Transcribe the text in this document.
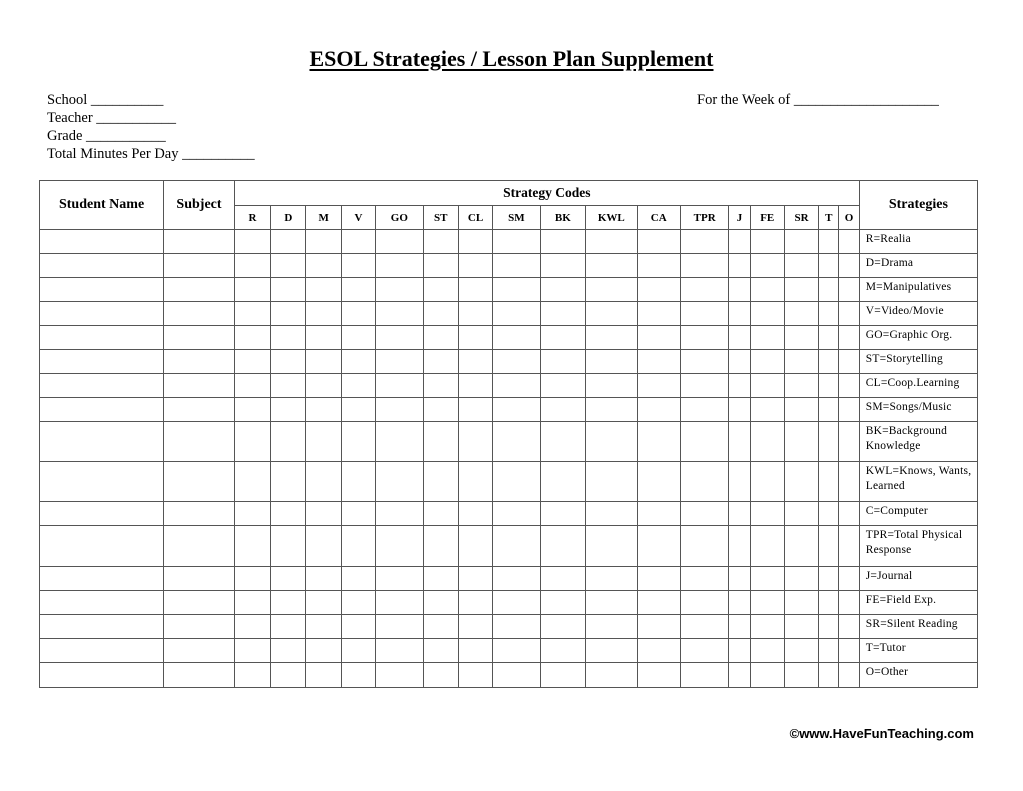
ESOL Strategies / Lesson Plan Supplement
School __________
Teacher ___________
Grade ___________
Total Minutes Per Day __________
For the Week of ____________________
Student Name	Subject	Strategy Codes																	Strategies
		R	D	M	V	GO	ST	CL	SM	BK	KWL	CA	TPR	J	FE	SR	T	O	
																			R=Realia
																			D=Drama
																			M=Manipulatives
																			V=Video/Movie
																			GO=Graphic Org.
																			ST=Storytelling
																			CL=Coop.Learning
																			SM=Songs/Music
																			BK=Background Knowledge
																			KWL=Knows, Wants, Learned
																			C=Computer
																			TPR=Total Physical Response
																			J=Journal
																			FE=Field Exp.
																			SR=Silent Reading
																			T=Tutor
																			O=Other
©www.HaveFunTeaching.com
